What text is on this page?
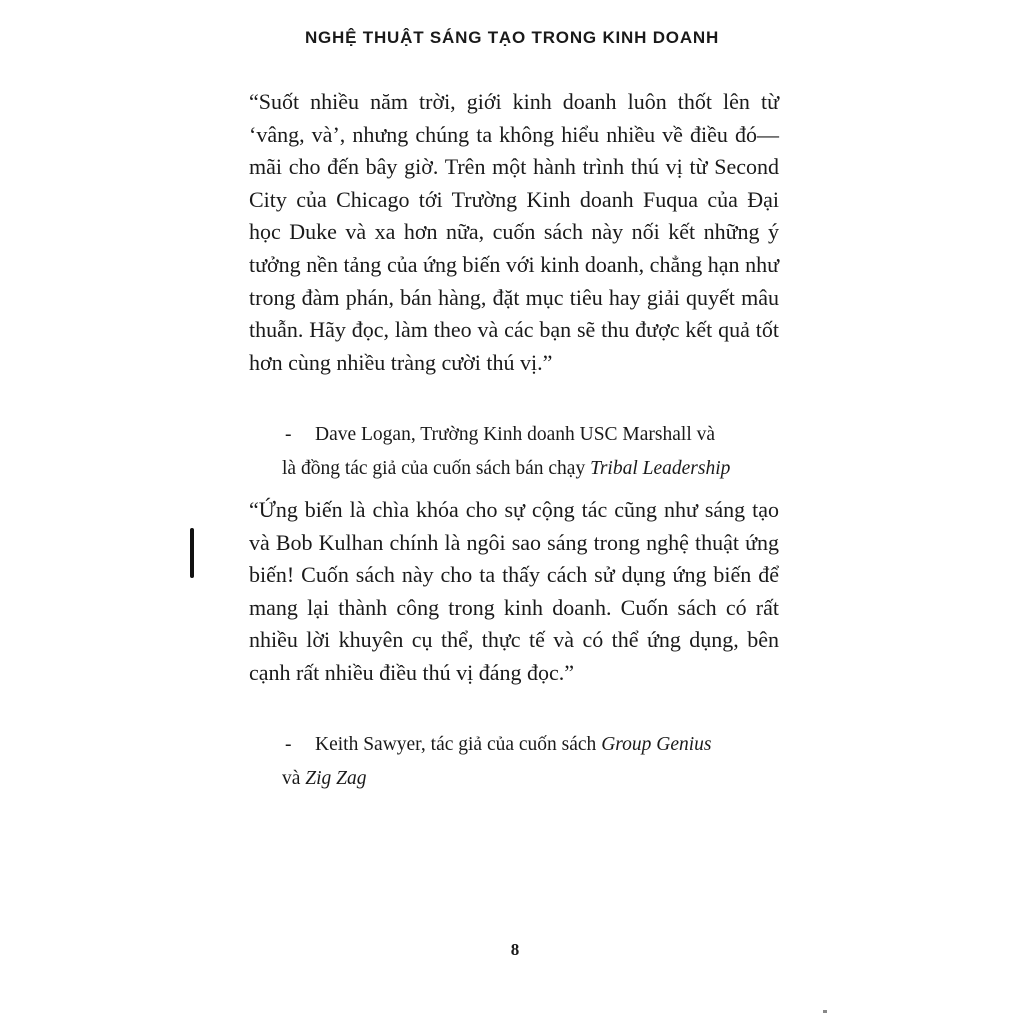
NGHỆ THUẬT SÁNG TẠO TRONG KINH DOANH

“Suốt nhiều năm trời, giới kinh doanh luôn thốt lên từ ‘vâng, và’, nhưng chúng ta không hiểu nhiều về điều đó—mãi cho đến bây giờ. Trên một hành trình thú vị từ Second City của Chicago tới Trường Kinh doanh Fuqua của Đại học Duke và xa hơn nữa, cuốn sách này nối kết những ý tưởng nền tảng của ứng biến với kinh doanh, chẳng hạn như trong đàm phán, bán hàng, đặt mục tiêu hay giải quyết mâu thuẫn. Hãy đọc, làm theo và các bạn sẽ thu được kết quả tốt hơn cùng nhiều tràng cười thú vị.”

- Dave Logan, Trường Kinh doanh USC Marshall và
là đồng tác giả của cuốn sách bán chạy Tribal Leadership

“Ứng biến là chìa khóa cho sự cộng tác cũng như sáng tạo và Bob Kulhan chính là ngôi sao sáng trong nghệ thuật ứng biến! Cuốn sách này cho ta thấy cách sử dụng ứng biến để mang lại thành công trong kinh doanh. Cuốn sách có rất nhiều lời khuyên cụ thể, thực tế và có thể ứng dụng, bên cạnh rất nhiều điều thú vị đáng đọc.”

- Keith Sawyer, tác giả của cuốn sách Group Genius
và Zig Zag
8
